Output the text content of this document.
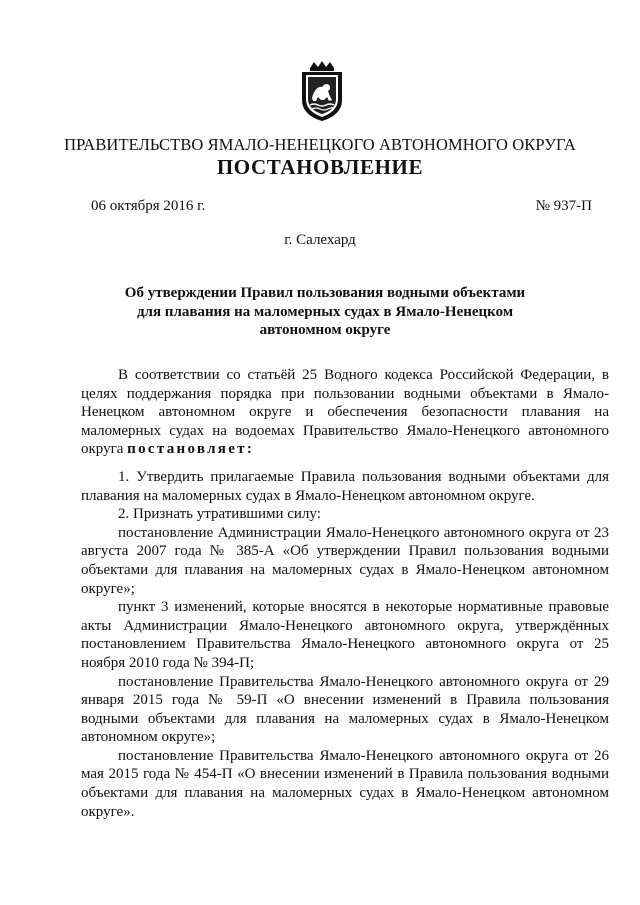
ПРАВИТЕЛЬСТВО ЯМАЛО-НЕНЕЦКОГО АВТОНОМНОГО ОКРУГА
ПОСТАНОВЛЕНИЕ
06 октября 2016 г.	№ 937-П
г. Салехард
Об утверждении Правил пользования водными объектами
для плавания на маломерных судах в Ямало-Ненецком
автономном округе

В соответствии со статьёй 25 Водного кодекса Российской Федерации, в целях поддержания порядка при пользовании водными объектами в Ямало-Ненецком автономном округе и обеспечения безопасности плавания на маломерных судах на водоемах Правительство Ямало-Ненецкого автономного округа постановляет:

1. Утвердить прилагаемые Правила пользования водными объектами для плавания на маломерных судах в Ямало-Ненецком автономном округе.

2. Признать утратившими силу:

постановление Администрации Ямало-Ненецкого автономного округа от 23 августа 2007 года № 385-А «Об утверждении Правил пользования водными объектами для плавания на маломерных судах в Ямало-Ненецком автономном округе»;

пункт 3 изменений, которые вносятся в некоторые нормативные правовые акты Администрации Ямало-Ненецкого автономного округа, утверждённых постановлением Правительства Ямало-Ненецкого автономного округа от 25 ноября 2010 года № 394-П;

постановление Правительства Ямало-Ненецкого автономного округа от 29 января 2015 года № 59-П «О внесении изменений в Правила пользования водными объектами для плавания на маломерных судах в Ямало-Ненецком автономном округе»;

постановление Правительства Ямало-Ненецкого автономного округа от 26 мая 2015 года № 454-П «О внесении изменений в Правила пользования водными объектами для плавания на маломерных судах в Ямало-Ненецком автономном округе».
